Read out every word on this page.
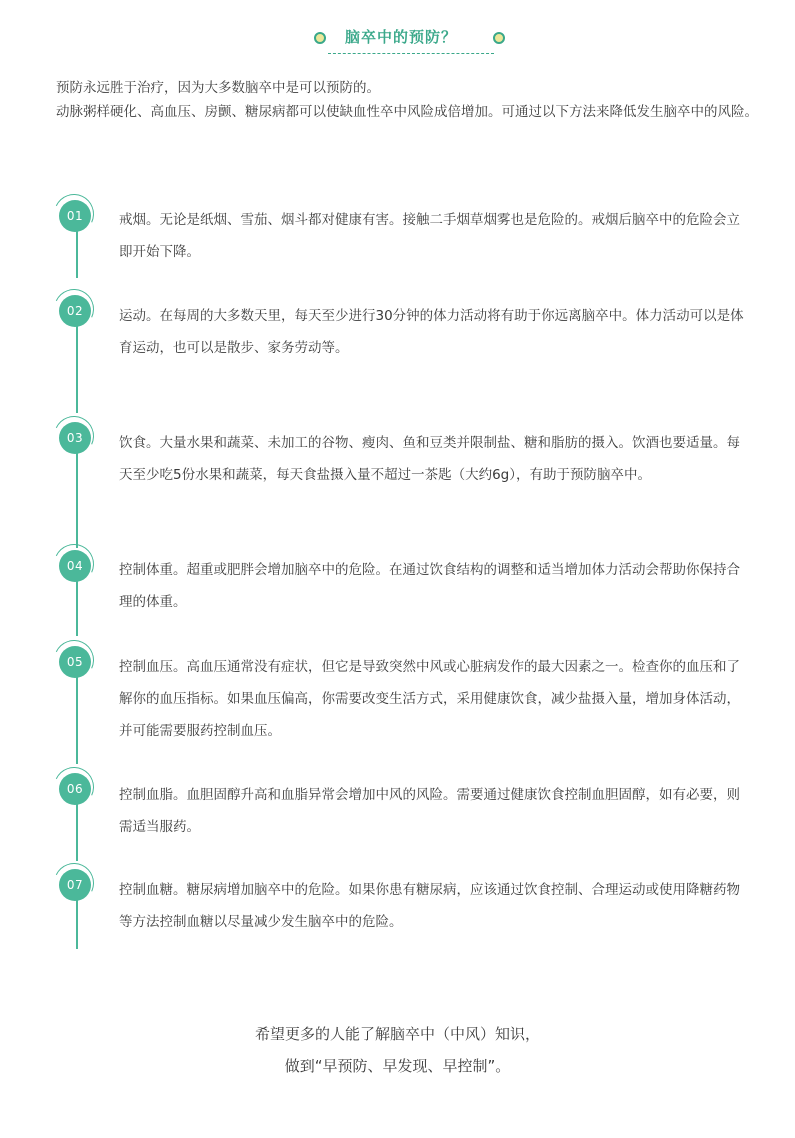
脑卒中的预防？

预防永远胜于治疗，因为大多数脑卒中是可以预防的。

动脉粥样硬化、高血压、房颤、糖尿病都可以使缺血性卒中风险成倍增加。可通过以下方法来降低发生脑卒中的风险。

01	戒烟。无论是纸烟、雪茄、烟斗都对健康有害。接触二手烟草烟雾也是危险的。戒烟后脑卒中的危险会立即开始下降。
02	运动。在每周的大多数天里，每天至少进行30分钟的体力活动将有助于你远离脑卒中。体力活动可以是体育运动，也可以是散步、家务劳动等。
03	饮食。大量水果和蔬菜、未加工的谷物、瘦肉、鱼和豆类并限制盐、糖和脂肪的摄入。饮酒也要适量。每天至少吃5份水果和蔬菜，每天食盐摄入量不超过一茶匙（大约6g），有助于预防脑卒中。
04	控制体重。超重或肥胖会增加脑卒中的危险。在通过饮食结构的调整和适当增加体力活动会帮助你保持合理的体重。
05	控制血压。高血压通常没有症状，但它是导致突然中风或心脏病发作的最大因素之一。检查你的血压和了解你的血压指标。如果血压偏高，你需要改变生活方式，采用健康饮食，减少盐摄入量，增加身体活动，并可能需要服药控制血压。
06	控制血脂。血胆固醇升高和血脂异常会增加中风的风险。需要通过健康饮食控制血胆固醇，如有必要，则需适当服药。
07	控制血糖。糖尿病增加脑卒中的危险。如果你患有糖尿病，应该通过饮食控制、合理运动或使用降糖药物等方法控制血糖以尽量减少发生脑卒中的危险。

希望更多的人能了解脑卒中（中风）知识，

做到“早预防、早发现、早控制”。
